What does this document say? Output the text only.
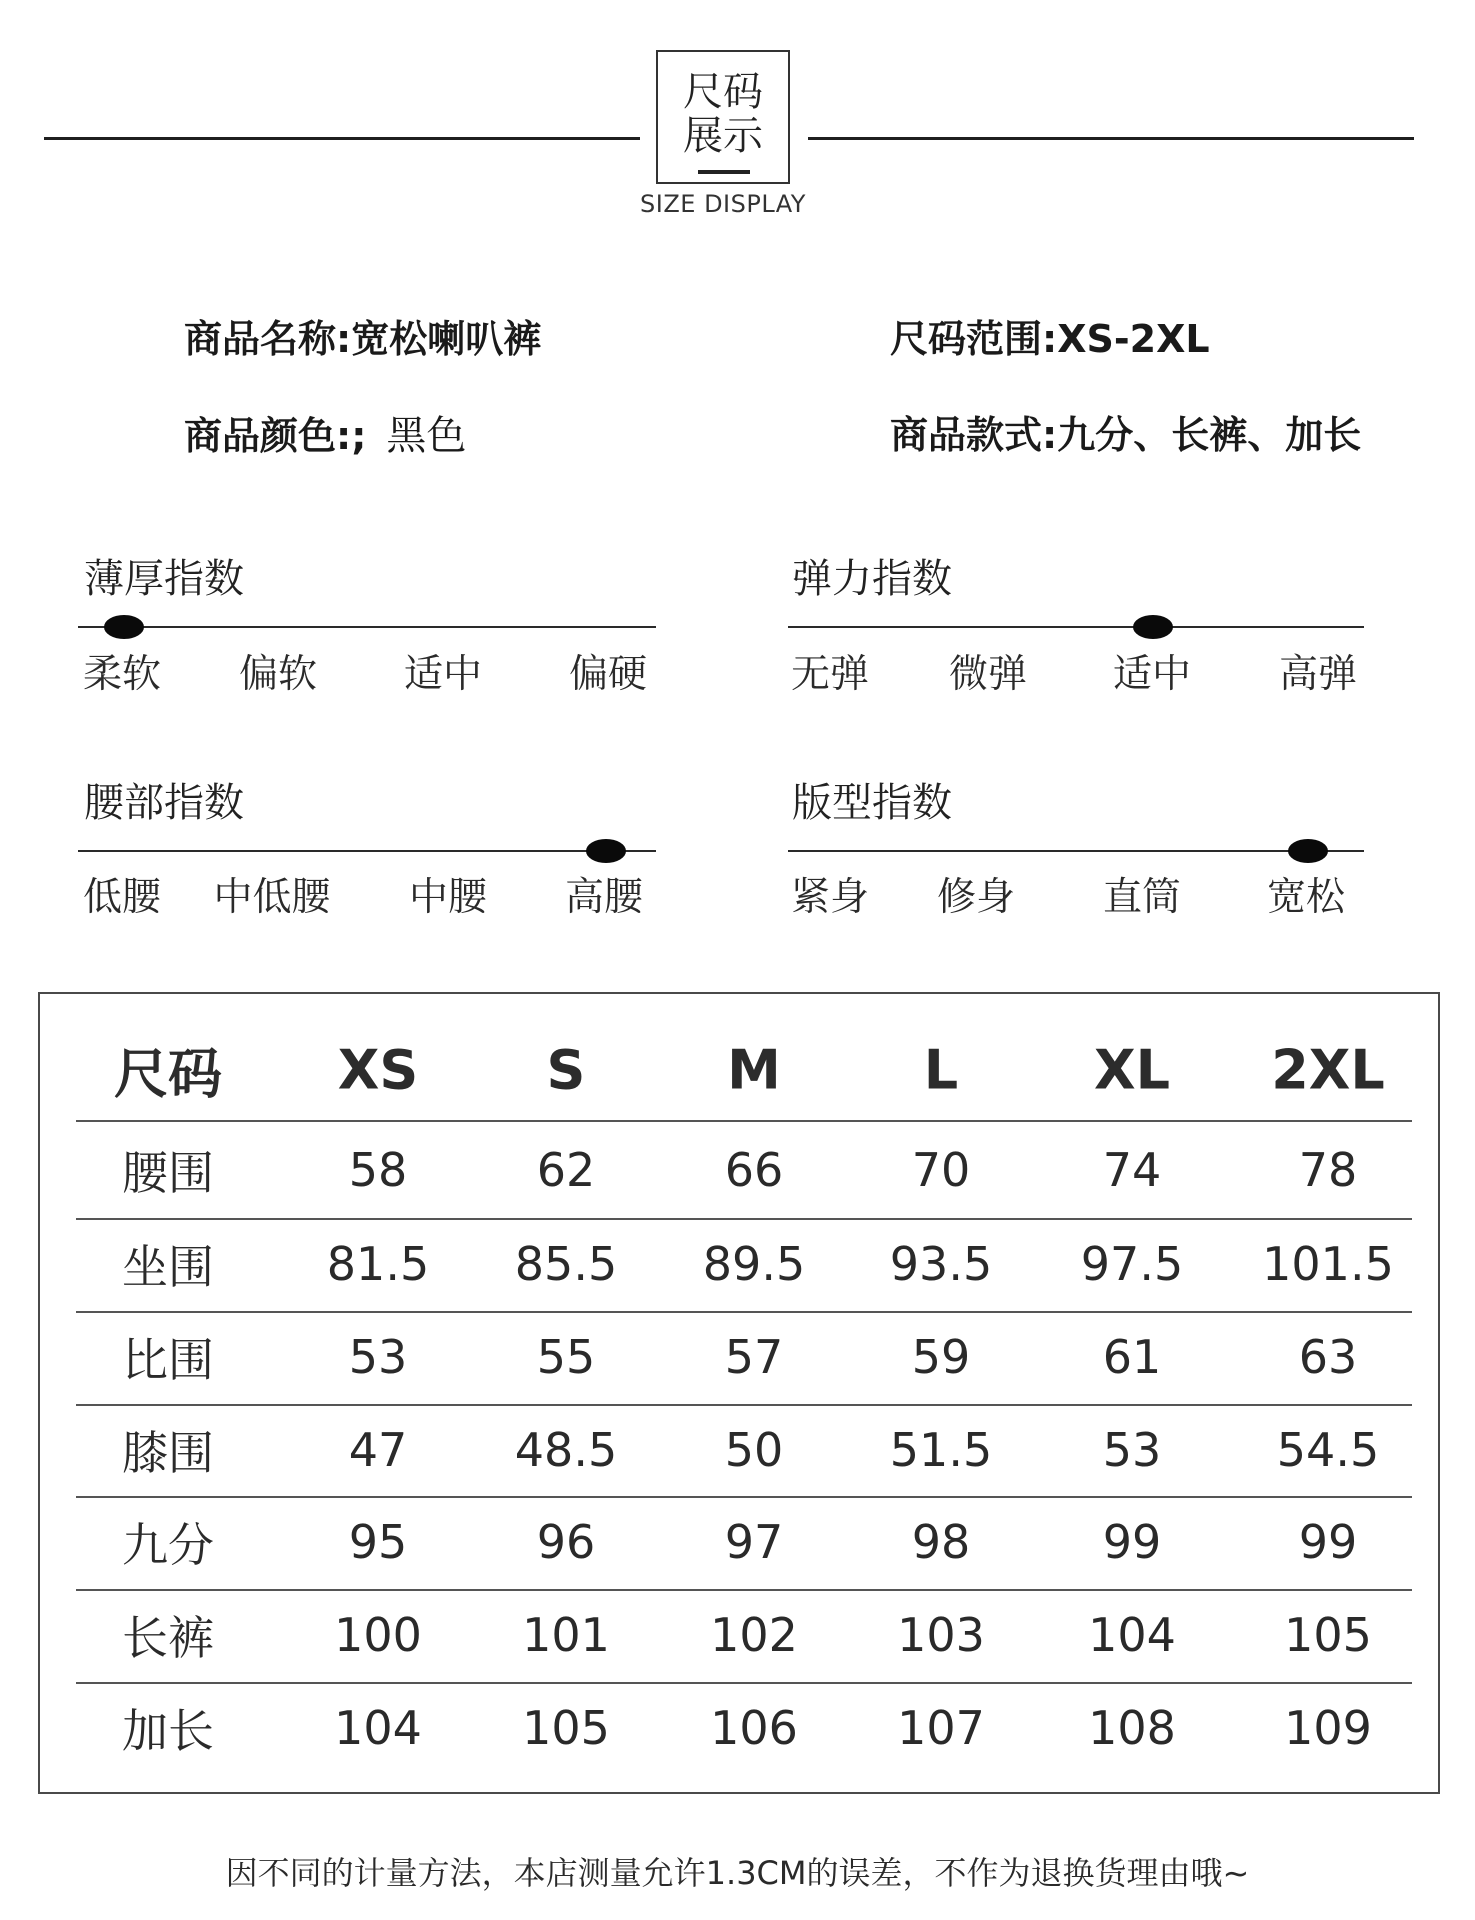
尺码
展示
SIZE DISPLAY
商品名称:宽松喇叭裤	尺码范围:XS-2XL
商品颜色:; 黑色	商品款式:九分、长裤、加长
薄厚指数
柔软 偏软 适中 偏硬
弹力指数
无弹 微弹 适中 高弹
腰部指数
低腰 中低腰 中腰 高腰
版型指数
紧身 修身 直筒 宽松
尺码 XS S	M	L	XL 2XL
腰围	58	62	66	70	74	78
坐围 81.5 85.5 89.5 93.5 97.5 101.5
比围	53	55	57	59	61	63
膝围	47 48.5 50 51.5 53	54.5
九分	95	96	97	98	99	99
长裤	100 101 102 103 104 105
加长	104 105 106 107 108 109
因不同的计量方法，本店测量允许1.3CM的误差，不作为退换货理由哦~
